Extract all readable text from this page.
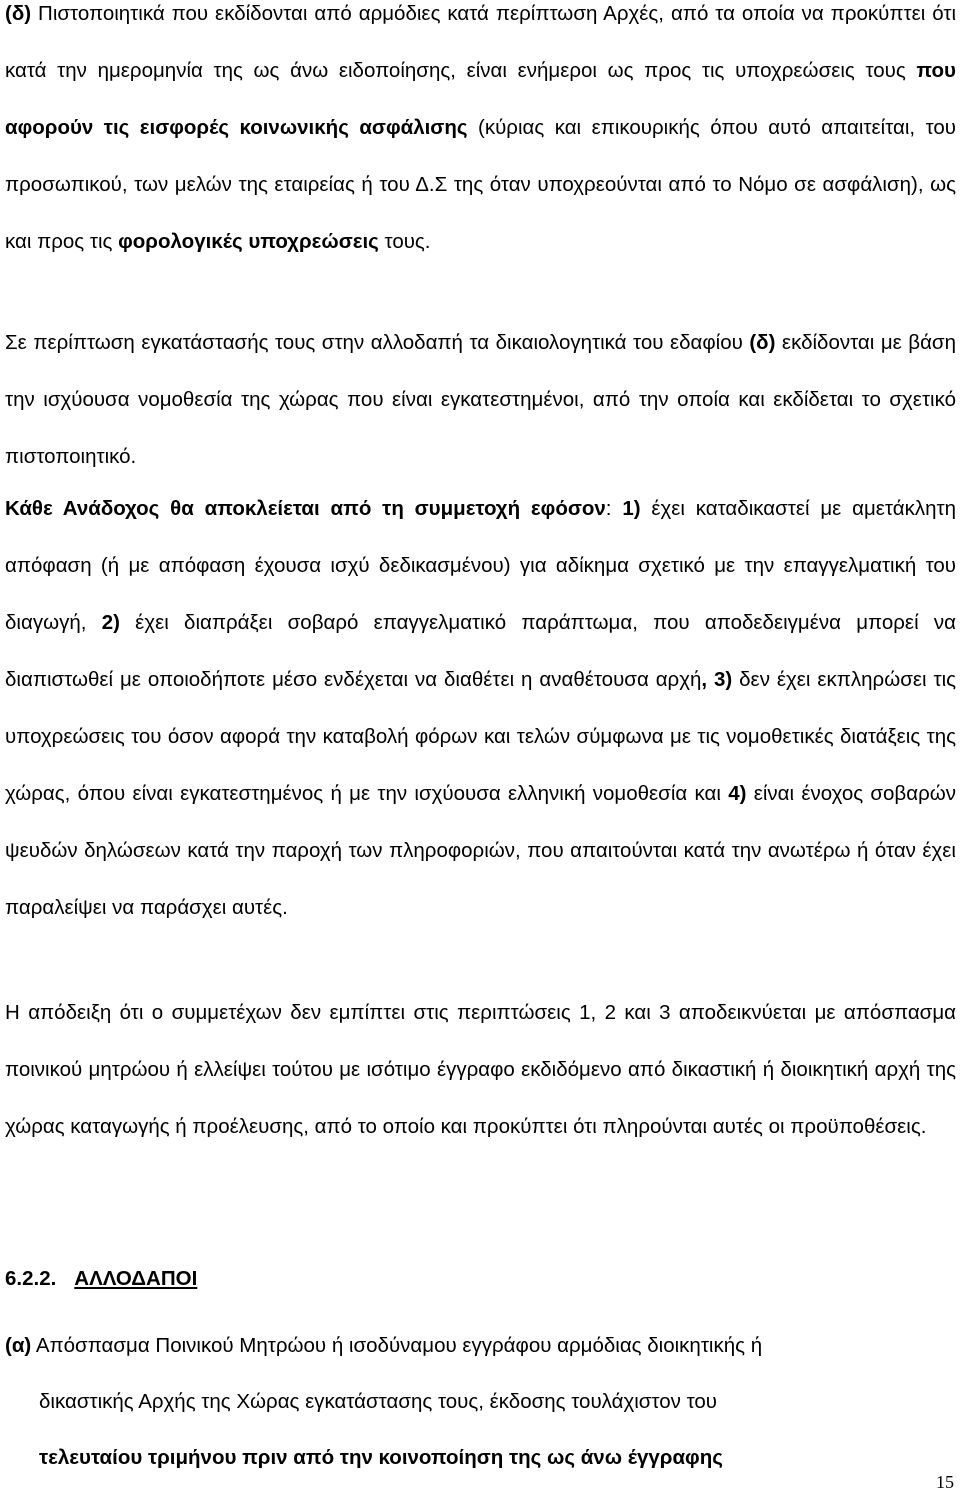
(δ) Πιστοποιητικά που εκδίδονται από αρμόδιες κατά περίπτωση Αρχές, από τα οποία να προκύπτει ότι κατά την ημερομηνία της ως άνω ειδοποίησης, είναι ενήμεροι ως προς τις υποχρεώσεις τους που αφορούν τις εισφορές κοινωνικής ασφάλισης (κύριας και επικουρικής όπου αυτό απαιτείται, του προσωπικού, των μελών της εταιρείας ή του Δ.Σ της όταν υποχρεούνται από το Νόμο σε ασφάλιση), ως και προς τις φορολογικές υποχρεώσεις τους.

Σε περίπτωση εγκατάστασής τους στην αλλοδαπή τα δικαιολογητικά του εδαφίου (δ) εκδίδονται με βάση την ισχύουσα νομοθεσία της χώρας που είναι εγκατεστημένοι, από την οποία και εκδίδεται το σχετικό πιστοποιητικό.

Κάθε Ανάδοχος θα αποκλείεται από τη συμμετοχή εφόσον: 1) έχει καταδικαστεί με αμετάκλητη απόφαση (ή με απόφαση έχουσα ισχύ δεδικασμένου) για αδίκημα σχετικό με την επαγγελματική του διαγωγή, 2) έχει διαπράξει σοβαρό επαγγελματικό παράπτωμα, που αποδεδειγμένα μπορεί να διαπιστωθεί με οποιοδήποτε μέσο ενδέχεται να διαθέτει η αναθέτουσα αρχή, 3) δεν έχει εκπληρώσει τις υποχρεώσεις του όσον αφορά την καταβολή φόρων και τελών σύμφωνα με τις νομοθετικές διατάξεις της χώρας, όπου είναι εγκατεστημένος ή με την ισχύουσα ελληνική νομοθεσία και 4) είναι ένοχος σοβαρών ψευδών δηλώσεων κατά την παροχή των πληροφοριών, που απαιτούνται κατά την ανωτέρω ή όταν έχει παραλείψει να παράσχει αυτές.

Η απόδειξη ότι ο συμμετέχων δεν εμπίπτει στις περιπτώσεις 1, 2 και 3 αποδεικνύεται με απόσπασμα ποινικού μητρώου ή ελλείψει τούτου με ισότιμο έγγραφο εκδιδόμενο από δικαστική ή διοικητική αρχή της χώρας καταγωγής ή προέλευσης, από το οποίο και προκύπτει ότι πληρούνται αυτές οι προϋποθέσεις.

6.2.2. ΑΛΛΟΔΑΠΟΙ

(α) Απόσπασμα Ποινικού Μητρώου ή ισοδύναμου εγγράφου αρμόδιας διοικητικής ή
δικαστικής Αρχής της Χώρας εγκατάστασης τους, έκδοσης τουλάχιστον του
τελευταίου τριμήνου πριν από την κοινοποίηση της ως άνω έγγραφης

15
